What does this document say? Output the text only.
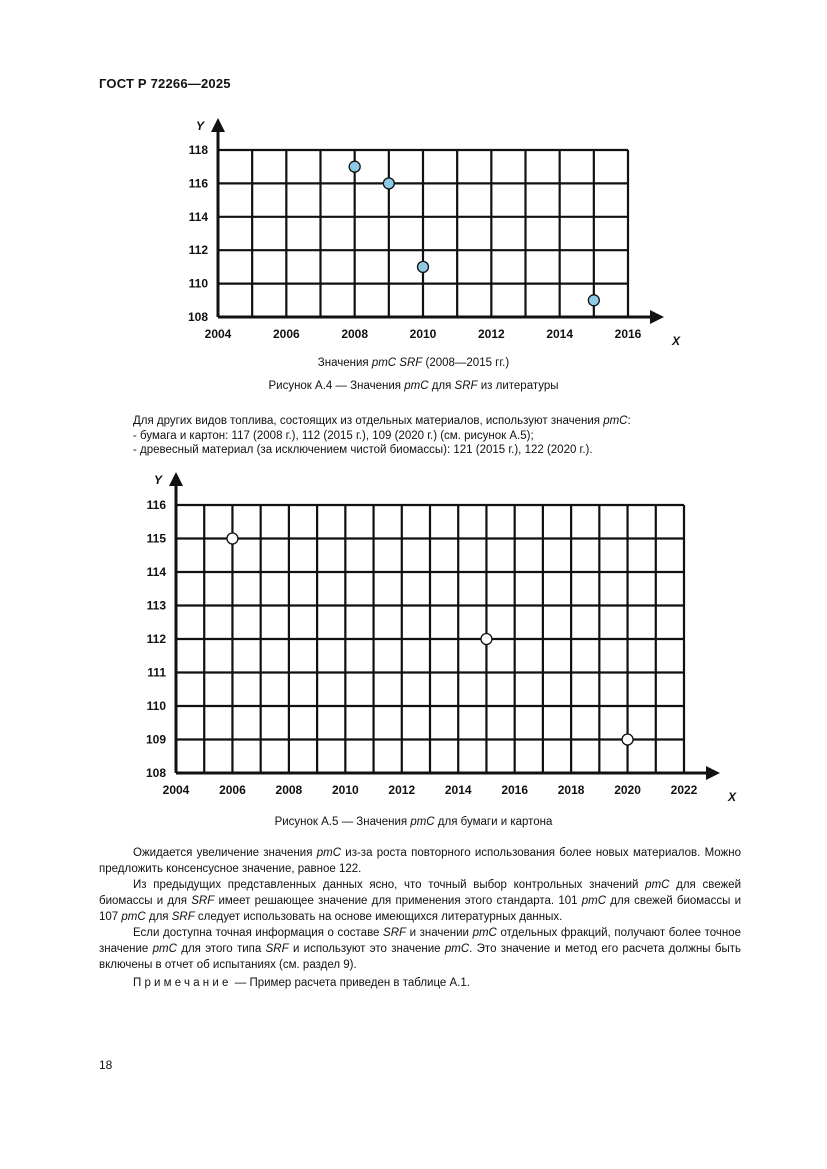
ГОСТ Р 72266—2025
2004	2006	2008	2010	2012	2014	2016
108
110
112
114
116
118
X
Y
Значения pmC SRF (2008—2015 гг.)
Рисунок А.4 — Значения pmC для SRF из литературы
Для других видов топлива, состоящих из отдельных материалов, используют значения pmC:
- бумага и картон: 117 (2008 г.), 112 (2015 г.), 109 (2020 г.) (см. рисунок А.5);
- древесный материал (за исключением чистой биомассы): 121 (2015 г.), 122 (2020 г.).
2004 2006 2008 2010 2012 2014 2016 2018 2020 2022
108
109
110
111
112
113
114
115
116
X
Y
Рисунок А.5 — Значения pmC для бумаги и картона

Ожидается увеличение значения pmC из-за роста повторного использования более новых материалов. Можно предложить консенсусное значение, равное 122.

Из предыдущих представленных данных ясно, что точный выбор контрольных значений pmC для свежей биомассы и для SRF имеет решающее значение для применения этого стандарта. 101 pmC для свежей биомассы и 107 pmC для SRF следует использовать на основе имеющихся литературных данных.

Если доступна точная информация о составе SRF и значении pmC отдельных фракций, получают более точное значение pmC для этого типа SRF и используют это значение pmC. Это значение и метод его расчета должны быть включены в отчет об испытаниях (см. раздел 9).

Примечание — Пример расчета приведен в таблице А.1.
18
